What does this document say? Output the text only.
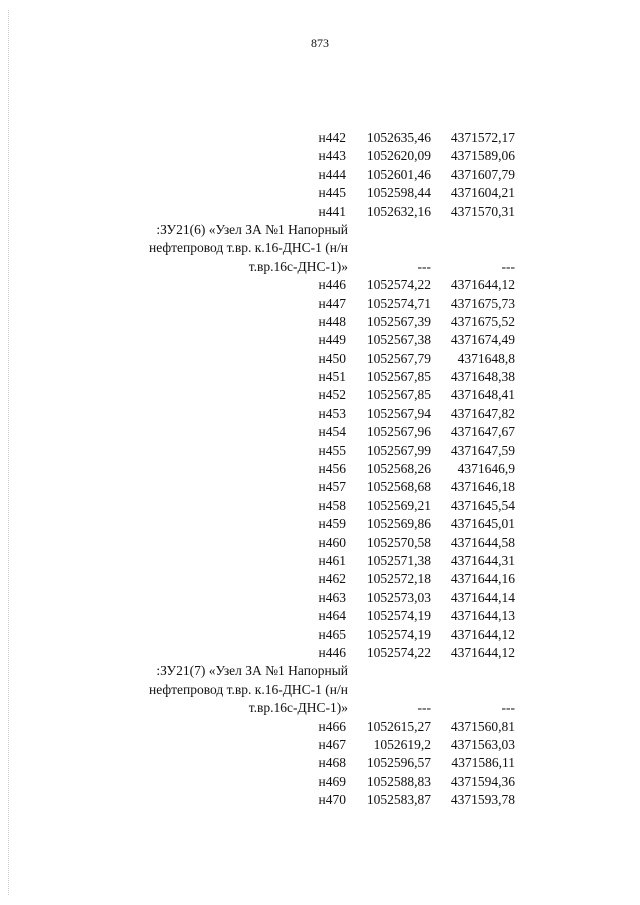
873
н442 1052635,46 4371572,17
н443 1052620,09 4371589,06
н444 1052601,46 4371607,79
н445 1052598,44 4371604,21
н441 1052632,16 4371570,31
:ЗУ21(6) «Узел ЗА №1 Напорный
нефтепровод т.вр. к.16-ДНС-1 (н/н
т.вр.16с-ДНС-1)»	---	---
н446 1052574,22 4371644,12
н447 1052574,71 4371675,73
н448 1052567,39 4371675,52
н449 1052567,38 4371674,49
н450 1052567,79 4371648,8
н451 1052567,85 4371648,38
н452 1052567,85 4371648,41
н453 1052567,94 4371647,82
н454 1052567,96 4371647,67
н455 1052567,99 4371647,59
н456 1052568,26 4371646,9
н457 1052568,68 4371646,18
н458 1052569,21 4371645,54
н459 1052569,86 4371645,01
н460 1052570,58 4371644,58
н461 1052571,38 4371644,31
н462 1052572,18 4371644,16
н463 1052573,03 4371644,14
н464 1052574,19 4371644,13
н465 1052574,19 4371644,12
н446 1052574,22 4371644,12
:ЗУ21(7) «Узел ЗА №1 Напорный
нефтепровод т.вр. к.16-ДНС-1 (н/н
т.вр.16с-ДНС-1)»	---	---
н466 1052615,27 4371560,81
н467 1052619,2 4371563,03
н468 1052596,57 4371586,11
н469 1052588,83 4371594,36
н470 1052583,87 4371593,78
